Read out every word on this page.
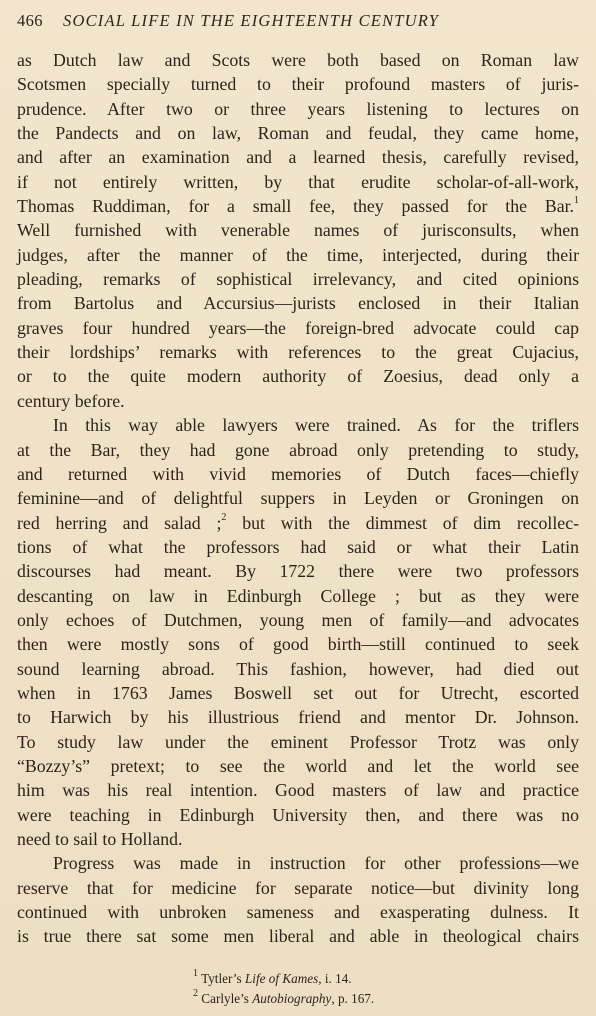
466 SOCIAL LIFE IN THE EIGHTEENTH CENTURY
as Dutch law and Scots were both based on Roman law
Scotsmen specially turned to their profound masters of juris-
prudence. After two or three years listening to lectures on
the Pandects and on law, Roman and feudal, they came home,
and after an examination and a learned thesis, carefully revised,
if not entirely written, by that erudite scholar-of-all-work,
Thomas Ruddiman, for a small fee, they passed for the Bar.$^1$
Well furnished with venerable names of jurisconsults, when
judges, after the manner of the time, interjected, during their
pleading, remarks of sophistical irrelevancy, and cited opinions
from Bartolus and Accursius—jurists enclosed in their Italian
graves four hundred years—the foreign-bred advocate could cap
their lordships’ remarks with references to the great Cujacius,
or to the quite modern authority of Zoesius, dead only a
century before.
In this way able lawyers were trained. As for the triflers
at the Bar, they had gone abroad only pretending to study,
and returned with vivid memories of Dutch faces—chiefly
feminine—and of delightful suppers in Leyden or Groningen on
red herring and salad ;$^2$ but with the dimmest of dim recollec-
tions of what the professors had said or what their Latin
discourses had meant. By 1722 there were two professors
descanting on law in Edinburgh College ; but as they were
only echoes of Dutchmen, young men of family—and advocates
then were mostly sons of good birth—still continued to seek
sound learning abroad. This fashion, however, had died out
when in 1763 James Boswell set out for Utrecht, escorted
to Harwich by his illustrious friend and mentor Dr. Johnson.
To study law under the eminent Professor Trotz was only
“Bozzy’s” pretext; to see the world and let the world see
him was his real intention. Good masters of law and practice
were teaching in Edinburgh University then, and there was no
need to sail to Holland.
Progress was made in instruction for other professions—we
reserve that for medicine for separate notice—but divinity long
continued with unbroken sameness and exasperating dulness. It
is true there sat some men liberal and able in theological chairs
$^1$ Tytler’s Life of Kames, i. 14.
$^2$ Carlyle’s Autobiography, p. 167.
